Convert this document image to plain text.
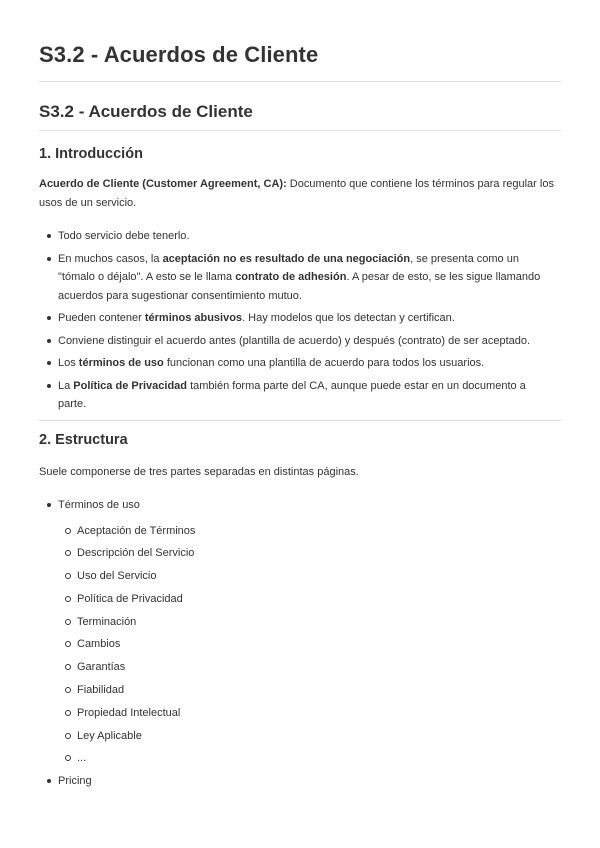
S3.2 - Acuerdos de Cliente
S3.2 - Acuerdos de Cliente
1. Introducción

Acuerdo de Cliente (Customer Agreement, CA): Documento que contiene los términos para regular los usos de un servicio.

Todo servicio debe tenerlo.
En muchos casos, la aceptación no es resultado de una negociación, se presenta como un "tómalo o déjalo". A esto se le llama contrato de adhesión. A pesar de esto, se les sigue llamando acuerdos para sugestionar consentimiento mutuo.
Pueden contener términos abusivos. Hay modelos que los detectan y certifican.
Conviene distinguir el acuerdo antes (plantilla de acuerdo) y después (contrato) de ser aceptado.
Los términos de uso funcionan como una plantilla de acuerdo para todos los usuarios.
La Política de Privacidad también forma parte del CA, aunque puede estar en un documento a parte.
2. Estructura

Suele componerse de tres partes separadas en distintas páginas.

Términos de uso
Aceptación de Términos
Descripción del Servicio
Uso del Servicio
Política de Privacidad
Terminación
Cambios
Garantías
Fiabilidad
Propiedad Intelectual
Ley Aplicable
...
Pricing
